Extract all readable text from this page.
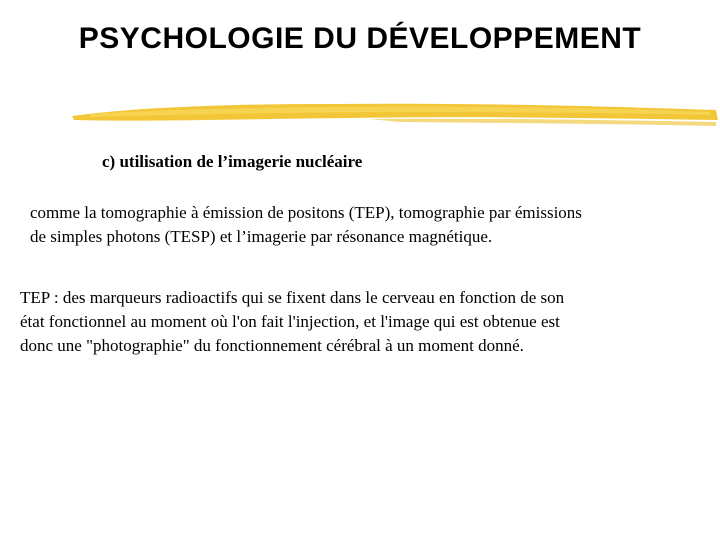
PSYCHOLOGIE DU DÉVELOPPEMENT
c) utilisation de l’imagerie nucléaire
comme la tomographie à émission de positons (TEP), tomographie par émissions
de simples photons (TESP) et l’imagerie par résonance magnétique.
TEP : des marqueurs radioactifs qui se fixent dans le cerveau en fonction de son
état fonctionnel au moment où l'on fait l'injection, et l'image qui est obtenue est
donc une "photographie" du fonctionnement cérébral à un moment donné.
